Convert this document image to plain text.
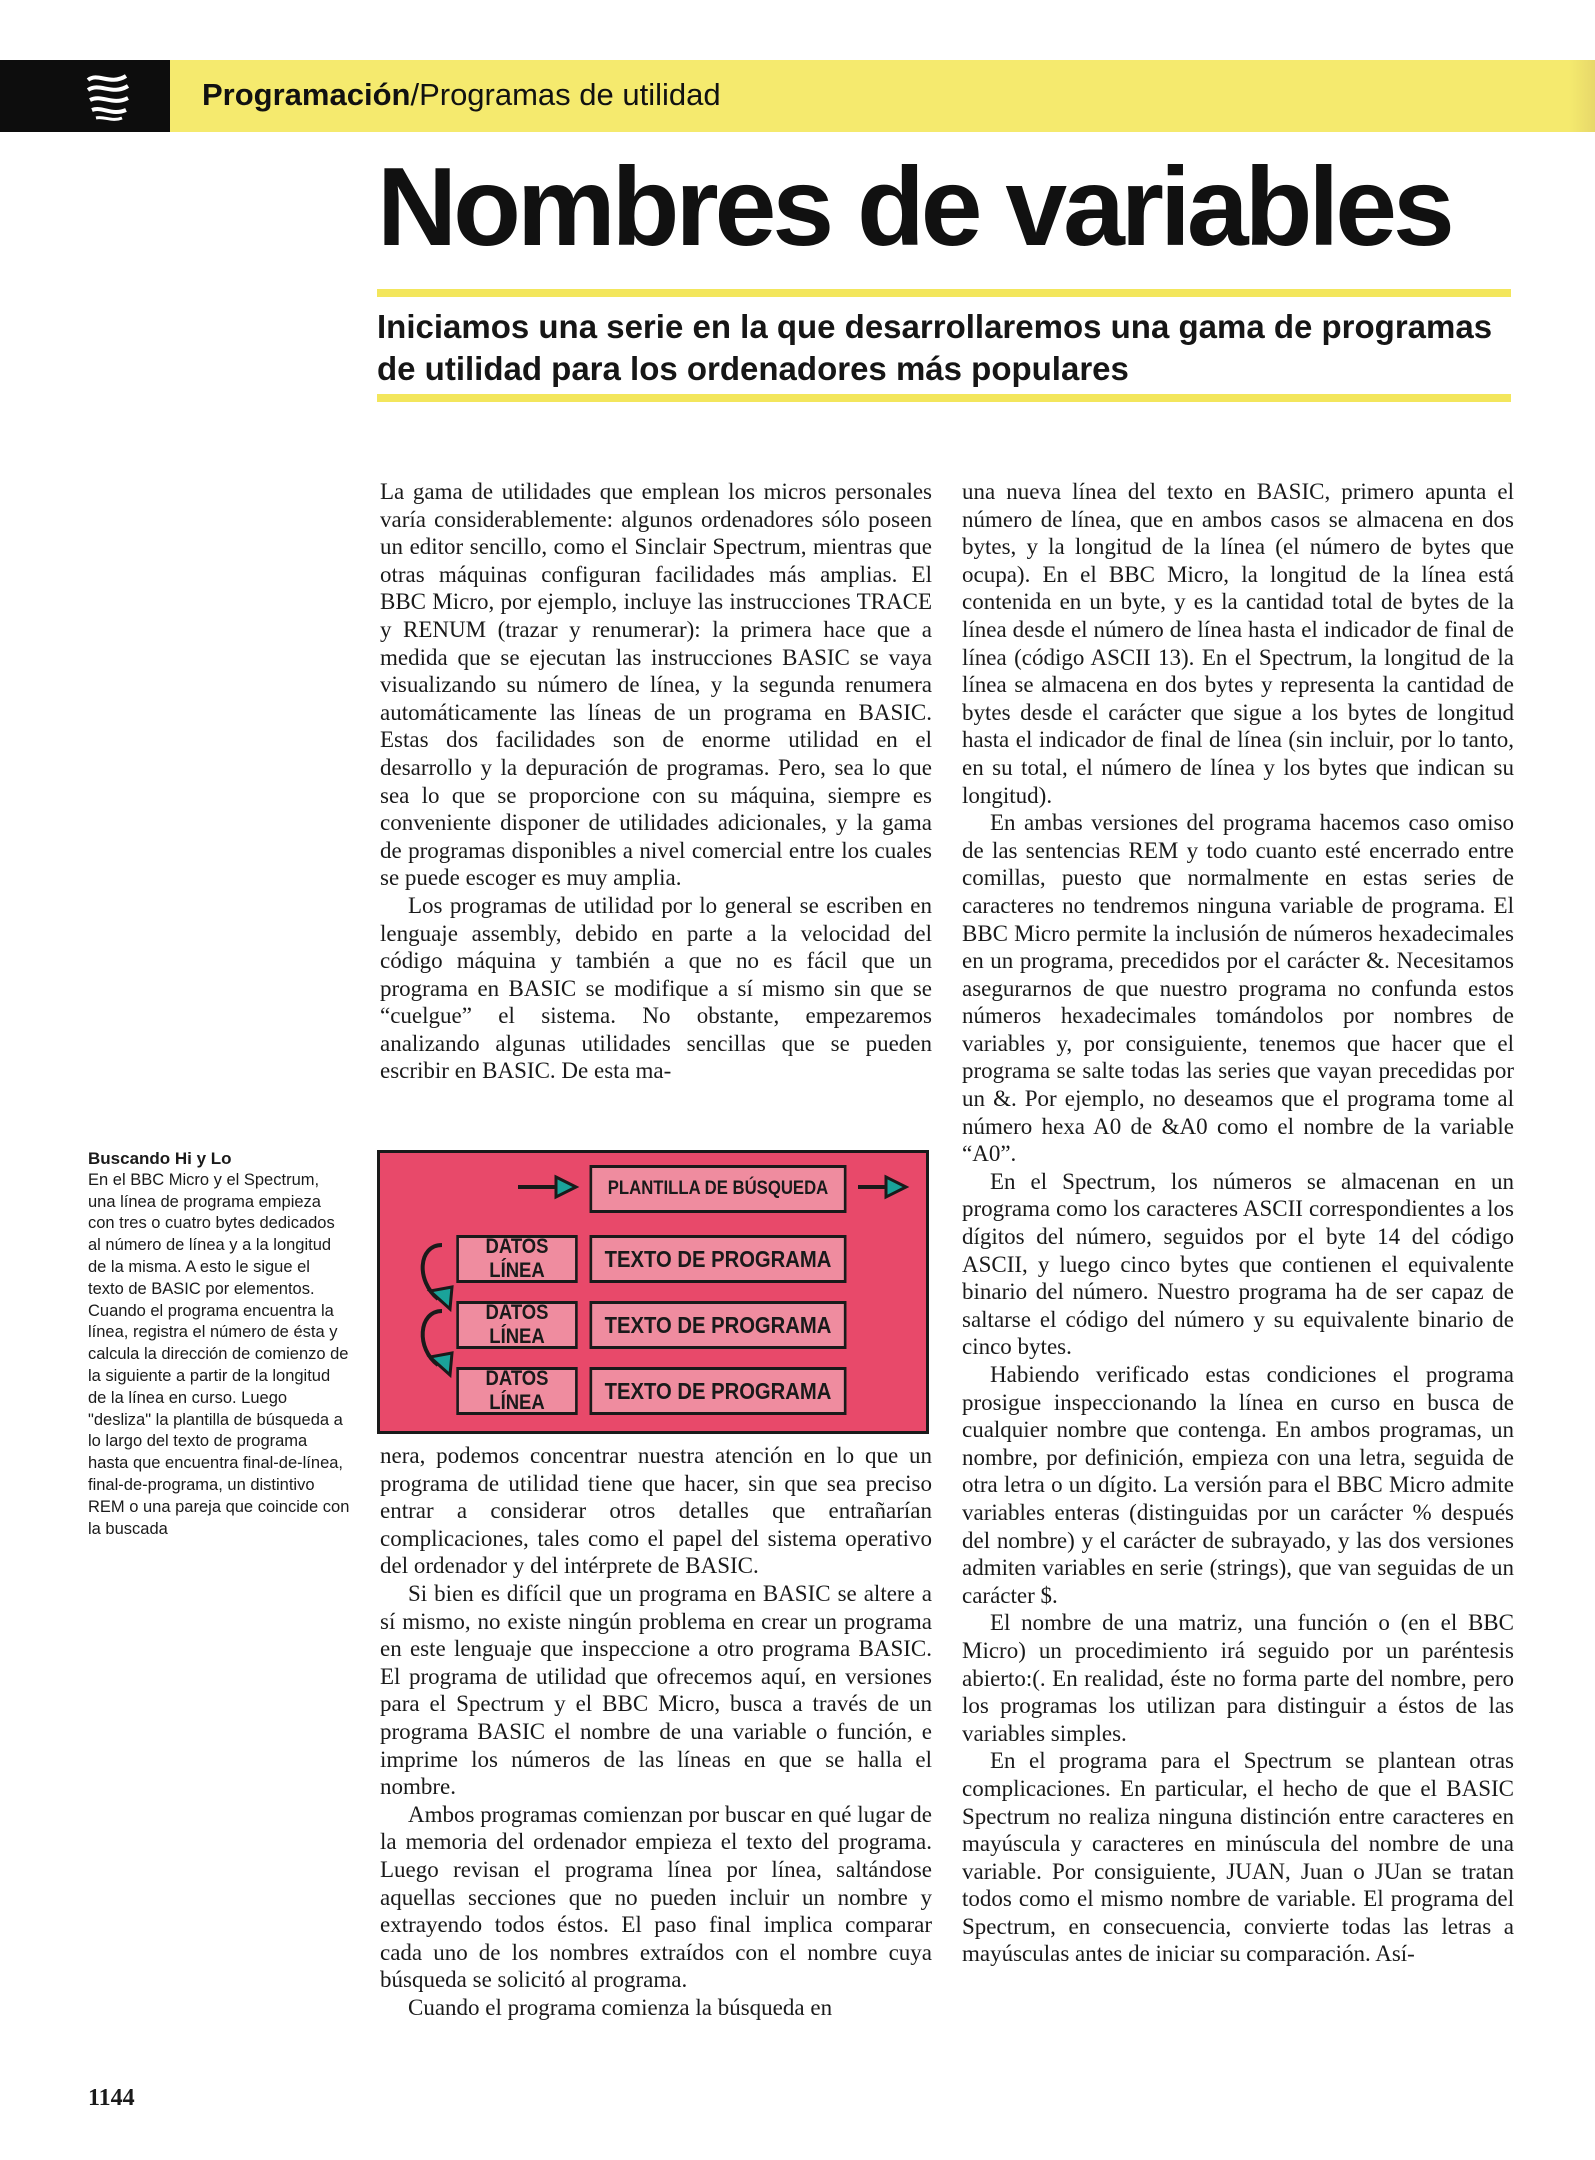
Programación/Programas de utilidad
Nombres de variables

Iniciamos una serie en la que desarrollaremos una gama de programas de utilidad para los ordenadores más populares

La gama de utilidades que emplean los micros personales varía considerablemente: algunos ordenadores sólo poseen un editor sencillo, como el Sinclair Spectrum, mientras que otras máquinas configuran facilidades más amplias. El BBC Micro, por ejemplo, incluye las instrucciones TRACE y RENUM (trazar y renumerar): la primera hace que a medida que se ejecutan las instrucciones BASIC se vaya visualizando su número de línea, y la segunda renumera automáticamente las líneas de un programa en BASIC. Estas dos facilidades son de enorme utilidad en el desarrollo y la depuración de programas. Pero, sea lo que sea lo que se proporcione con su máquina, siempre es conveniente disponer de utilidades adicionales, y la gama de programas disponibles a nivel comercial entre los cuales se puede escoger es muy amplia.

Los programas de utilidad por lo general se escriben en lenguaje assembly, debido en parte a la velocidad del código máquina y también a que no es fácil que un programa en BASIC se modifique a sí mismo sin que se “cuelgue” el sistema. No obstante, empezaremos analizando algunas utilidades sencillas que se pueden escribir en BASIC. De esta ma-

PLANTILLA DE BÚSQUEDA
DATOS LÍNEA	TEXTO DE PROGRAMA
DATOS LÍNEA	TEXTO DE PROGRAMA
DATOS LÍNEA	TEXTO DE PROGRAMA

nera, podemos concentrar nuestra atención en lo que un programa de utilidad tiene que hacer, sin que sea preciso entrar a considerar otros detalles que entrañarían complicaciones, tales como el papel del sistema operativo del ordenador y del intérprete de BASIC.

Si bien es difícil que un programa en BASIC se altere a sí mismo, no existe ningún problema en crear un programa en este lenguaje que inspeccione a otro programa BASIC. El programa de utilidad que ofrecemos aquí, en versiones para el Spectrum y el BBC Micro, busca a través de un programa BASIC el nombre de una variable o función, e imprime los números de las líneas en que se halla el nombre.

Ambos programas comienzan por buscar en qué lugar de la memoria del ordenador empieza el texto del programa. Luego revisan el programa línea por línea, saltándose aquellas secciones que no pueden incluir un nombre y extrayendo todos éstos. El paso final implica comparar cada uno de los nombres extraídos con el nombre cuya búsqueda se solicitó al programa.

Cuando el programa comienza la búsqueda en

una nueva línea del texto en BASIC, primero apunta el número de línea, que en ambos casos se almacena en dos bytes, y la longitud de la línea (el número de bytes que ocupa). En el BBC Micro, la longitud de la línea está contenida en un byte, y es la cantidad total de bytes de la línea desde el número de línea hasta el indicador de final de línea (código ASCII 13). En el Spectrum, la longitud de la línea se almacena en dos bytes y representa la cantidad de bytes desde el carácter que sigue a los bytes de longitud hasta el indicador de final de línea (sin incluir, por lo tanto, en su total, el número de línea y los bytes que indican su longitud).

En ambas versiones del programa hacemos caso omiso de las sentencias REM y todo cuanto esté encerrado entre comillas, puesto que normalmente en estas series de caracteres no tendremos ninguna variable de programa. El BBC Micro permite la inclusión de números hexadecimales en un programa, precedidos por el carácter &. Necesitamos asegurarnos de que nuestro programa no confunda estos números hexadecimales tomándolos por nombres de variables y, por consiguiente, tenemos que hacer que el programa se salte todas las series que vayan precedidas por un &. Por ejemplo, no deseamos que el programa tome al número hexa A0 de &A0 como el nombre de la variable “A0”.

En el Spectrum, los números se almacenan en un programa como los caracteres ASCII correspondientes a los dígitos del número, seguidos por el byte 14 del código ASCII, y luego cinco bytes que contienen el equivalente binario del número. Nuestro programa ha de ser capaz de saltarse el código del número y su equivalente binario de cinco bytes.

Habiendo verificado estas condiciones el programa prosigue inspeccionando la línea en curso en busca de cualquier nombre que contenga. En ambos programas, un nombre, por definición, empieza con una letra, seguida de otra letra o un dígito. La versión para el BBC Micro admite variables enteras (distinguidas por un carácter % después del nombre) y el carácter de subrayado, y las dos versiones admiten variables en serie (strings), que van seguidas de un carácter $.

El nombre de una matriz, una función o (en el BBC Micro) un procedimiento irá seguido por un paréntesis abierto:(. En realidad, éste no forma parte del nombre, pero los programas los utilizan para distinguir a éstos de las variables simples.

En el programa para el Spectrum se plantean otras complicaciones. En particular, el hecho de que el BASIC Spectrum no realiza ninguna distinción entre caracteres en mayúscula y caracteres en minúscula del nombre de una variable. Por consiguiente, JUAN, Juan o JUan se tratan todos como el mismo nombre de variable. El programa del Spectrum, en consecuencia, convierte todas las letras a mayúsculas antes de iniciar su comparación. Así-

Buscando Hi y Lo
En el BBC Micro y el Spectrum, una línea de programa empieza con tres o cuatro bytes dedicados al número de línea y a la longitud de la misma. A esto le sigue el texto de BASIC por elementos. Cuando el programa encuentra la línea, registra el número de ésta y calcula la dirección de comienzo de la siguiente a partir de la longitud de la línea en curso. Luego "desliza" la plantilla de búsqueda a lo largo del texto de programa hasta que encuentra final-de-línea, final-de-programa, un distintivo REM o una pareja que coincide con la buscada
1144
